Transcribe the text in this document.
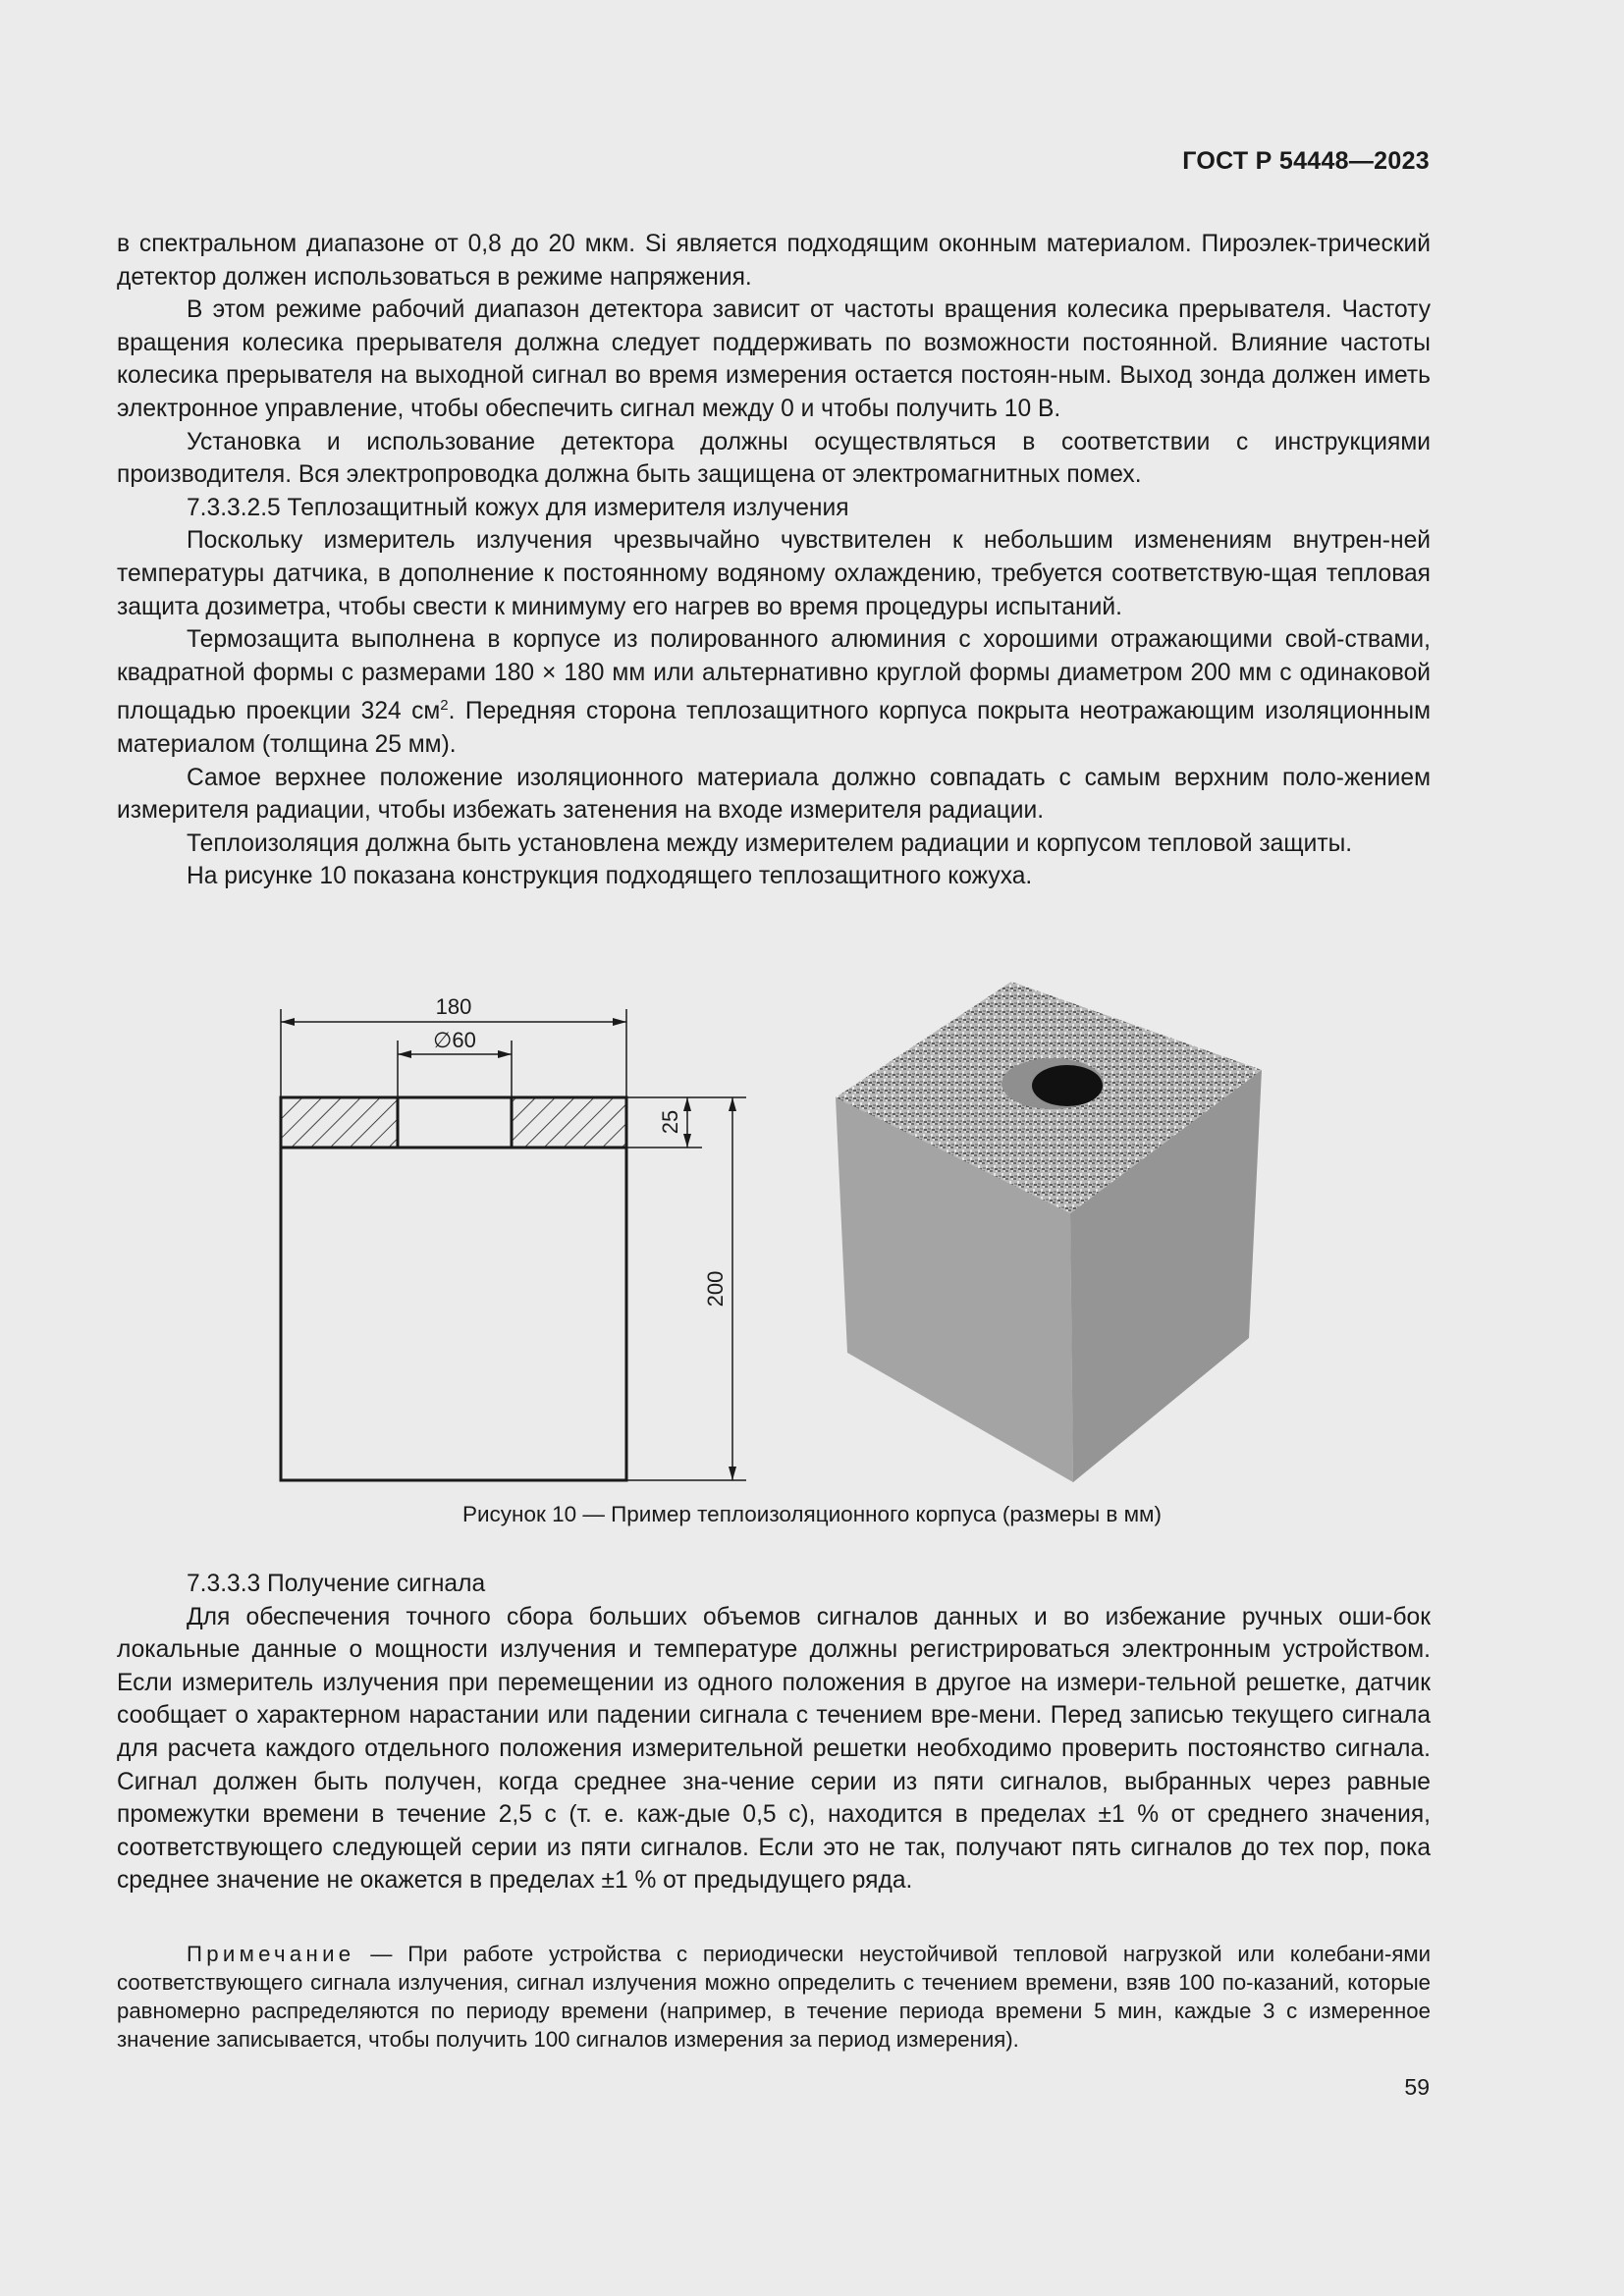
ГОСТ Р 54448—2023

в спектральном диапазоне от 0,8 до 20 мкм. Si является подходящим оконным материалом. Пироэлек-трический детектор должен использоваться в режиме напряжения.

В этом режиме рабочий диапазон детектора зависит от частоты вращения колесика прерывателя. Частоту вращения колесика прерывателя должна следует поддерживать по возможности постоянной. Влияние частоты колесика прерывателя на выходной сигнал во время измерения остается постоян-ным. Выход зонда должен иметь электронное управление, чтобы обеспечить сигнал между 0 и чтобы получить 10 В.

Установка и использование детектора должны осуществляться в соответствии с инструкциями производителя. Вся электропроводка должна быть защищена от электромагнитных помех.

7.3.3.2.5 Теплозащитный кожух для измерителя излучения

Поскольку измеритель излучения чрезвычайно чувствителен к небольшим изменениям внутрен-ней температуры датчика, в дополнение к постоянному водяному охлаждению, требуется соответствую-щая тепловая защита дозиметра, чтобы свести к минимуму его нагрев во время процедуры испытаний.

Термозащита выполнена в корпусе из полированного алюминия с хорошими отражающими свой-ствами, квадратной формы с размерами 180 × 180 мм или альтернативно круглой формы диаметром 200 мм с одинаковой площадью проекции 324 $см^2$. Передняя сторона теплозащитного корпуса покрыта неотражающим изоляционным материалом (толщина 25 мм).

Самое верхнее положение изоляционного материала должно совпадать с самым верхним поло-жением измерителя радиации, чтобы избежать затенения на входе измерителя радиации.

Теплоизоляция должна быть установлена между измерителем радиации и корпусом тепловой защиты.

На рисунке 10 показана конструкция подходящего теплозащитного кожуха.

180
∅60
25
200
Рисунок 10 — Пример теплоизоляционного корпуса (размеры в мм)

7.3.3.3 Получение сигнала

Для обеспечения точного сбора больших объемов сигналов данных и во избежание ручных оши-бок локальные данные о мощности излучения и температуре должны регистрироваться электронным устройством. Если измеритель излучения при перемещении из одного положения в другое на измери-тельной решетке, датчик сообщает о характерном нарастании или падении сигнала с течением вре-мени. Перед записью текущего сигнала для расчета каждого отдельного положения измерительной решетки необходимо проверить постоянство сигнала. Сигнал должен быть получен, когда среднее зна-чение серии из пяти сигналов, выбранных через равные промежутки времени в течение 2,5 с (т. е. каж-дые 0,5 с), находится в пределах ±1 % от среднего значения, соответствующего следующей серии из пяти сигналов. Если это не так, получают пять сигналов до тех пор, пока среднее значение не окажется в пределах ±1 % от предыдущего ряда.

Примечание — При работе устройства с периодически неустойчивой тепловой нагрузкой или колебани-ями соответствующего сигнала излучения, сигнал излучения можно определить с течением времени, взяв 100 по-казаний, которые равномерно распределяются по периоду времени (например, в течение периода времени 5 мин, каждые 3 с измеренное значение записывается, чтобы получить 100 сигналов измерения за период измерения).
59
